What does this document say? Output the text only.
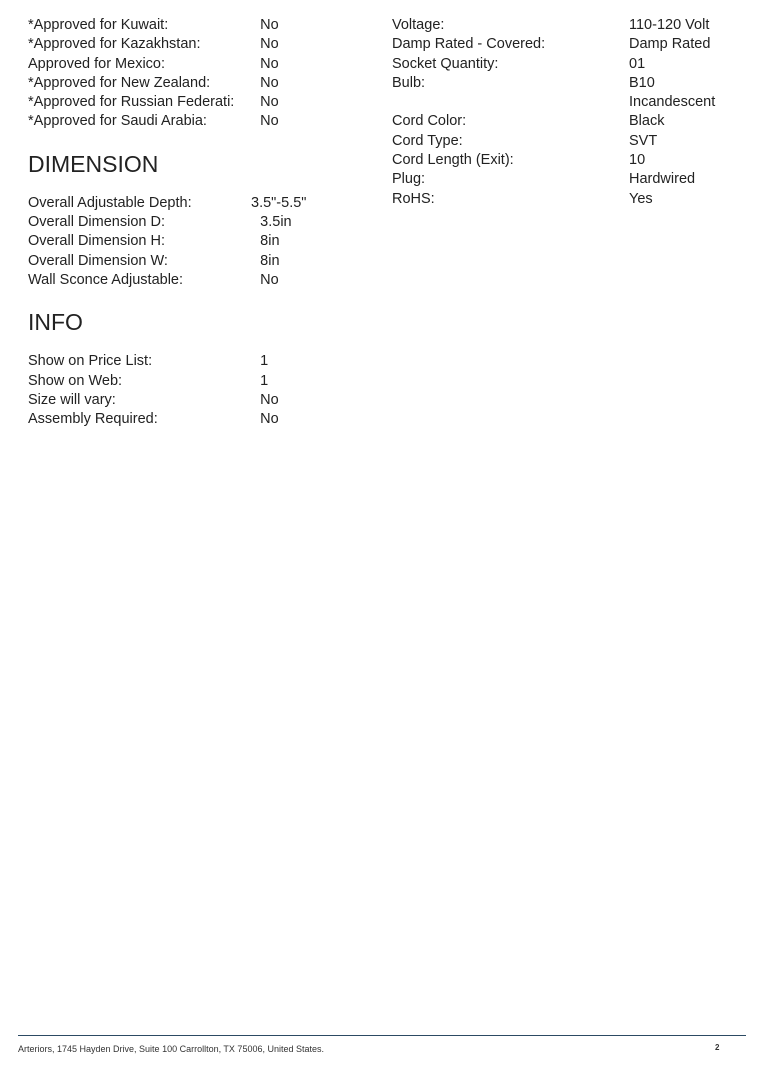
*Approved for Kuwait:	No
*Approved for Kazakhstan:	No
Approved for Mexico:	No
*Approved for New Zealand:	No
*Approved for Russian Federati:	No
*Approved for Saudi Arabia:	No
DIMENSION
Overall Adjustable Depth:	3.5"-5.5"
Overall Dimension D:	3.5in
Overall Dimension H:	8in
Overall Dimension W:	8in
Wall Sconce Adjustable:	No
INFO
Show on Price List:	1
Show on Web:	1
Size will vary:	No
Assembly Required:	No
Voltage:	110-120 Volt
Damp Rated - Covered:	Damp Rated
Socket Quantity:	01
Bulb:	B10 Incandescent
Cord Color:	Black
Cord Type:	SVT
Cord Length (Exit):	10
Plug:	Hardwired
RoHS:	Yes
Arteriors, 1745 Hayden Drive, Suite 100 Carrollton, TX 75006, United States.	2
